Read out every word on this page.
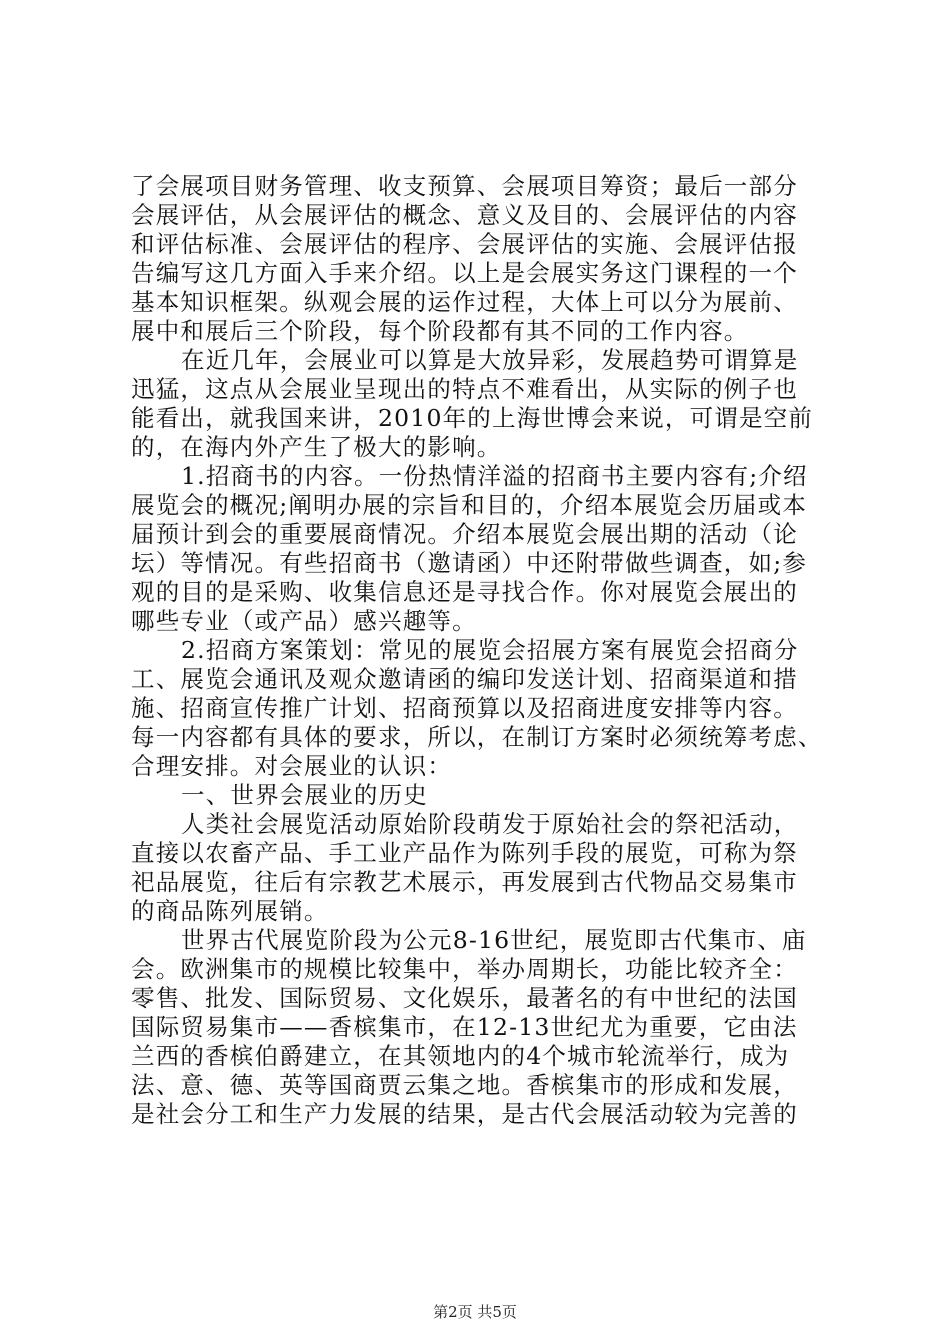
了会展项目财务管理、收支预算、会展项目筹资；最后一部分
会展评估，从会展评估的概念、意义及目的、会展评估的内容
和评估标准、会展评估的程序、会展评估的实施、会展评估报
告编写这几方面入手来介绍。以上是会展实务这门课程的一个
基本知识框架。纵观会展的运作过程，大体上可以分为展前、
展中和展后三个阶段，每个阶段都有其不同的工作内容。
在近几年，会展业可以算是大放异彩，发展趋势可谓算是
迅猛，这点从会展业呈现出的特点不难看出，从实际的例子也
能看出，就我国来讲，2010年的上海世博会来说，可谓是空前
的，在海内外产生了极大的影响。
1.招商书的内容。一份热情洋溢的招商书主要内容有;介绍
展览会的概况;阐明办展的宗旨和目的，介绍本展览会历届或本
届预计到会的重要展商情况。介绍本展览会展出期的活动（论
坛）等情况。有些招商书（邀请函）中还附带做些调查，如;参
观的目的是采购、收集信息还是寻找合作。你对展览会展出的
哪些专业（或产品）感兴趣等。
2.招商方案策划：常见的展览会招展方案有展览会招商分
工、展览会通讯及观众邀请函的编印发送计划、招商渠道和措
施、招商宣传推广计划、招商预算以及招商进度安排等内容。
每一内容都有具体的要求，所以，在制订方案时必须统筹考虑、
合理安排。对会展业的认识：
一、世界会展业的历史
人类社会展览活动原始阶段萌发于原始社会的祭祀活动，
直接以农畜产品、手工业产品作为陈列手段的展览，可称为祭
祀品展览，往后有宗教艺术展示，再发展到古代物品交易集市
的商品陈列展销。
世界古代展览阶段为公元8-16世纪，展览即古代集市、庙
会。欧洲集市的规模比较集中，举办周期长，功能比较齐全：
零售、批发、国际贸易、文化娱乐，最著名的有中世纪的法国
国际贸易集市——香槟集市，在12-13世纪尤为重要，它由法
兰西的香槟伯爵建立，在其领地内的4个城市轮流举行，成为
法、意、德、英等国商贾云集之地。香槟集市的形成和发展，
是社会分工和生产力发展的结果，是古代会展活动较为完善的
第2页 共5页
